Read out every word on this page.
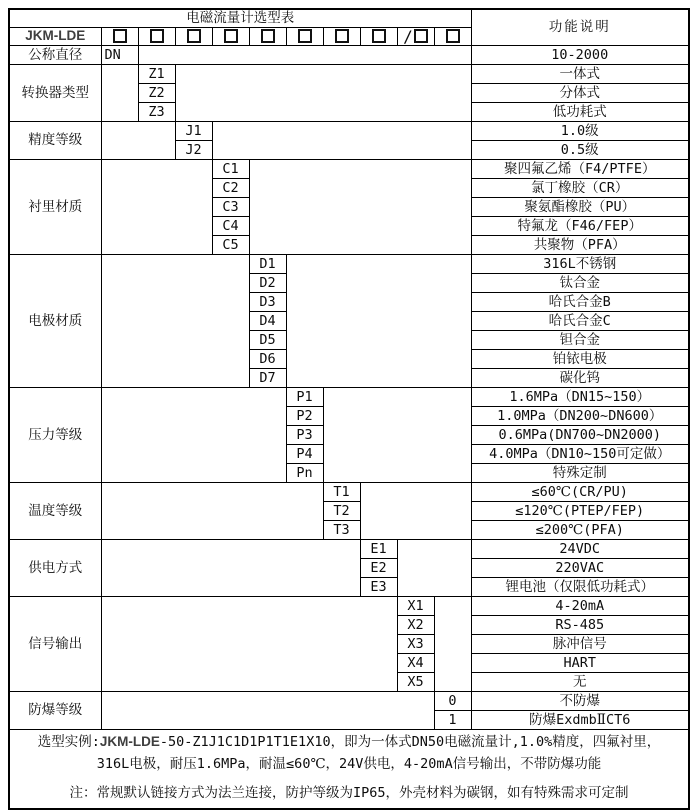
电磁流量计选型表											功能说明
JKM-LDE									/		
公称直径	DN										10-2000
转换器类型		Z1									一体式
		Z2									分体式
		Z3									低功耗式
精度等级			J1								1.0级
			J2								0.5级
衬里材质				C1							聚四氟乙烯（F4/PTFE）
				C2							氯丁橡胶（CR）
				C3							聚氨酯橡胶（PU）
				C4							特氟龙（F46/FEP）
				C5							共聚物（PFA）
电极材质					D1						316L不锈钢
					D2						钛合金
					D3						哈氏合金B
					D4						哈氏合金C
					D5						钽合金
					D6						铂铱电极
					D7						碳化钨
压力等级						P1					1.6MPa（DN15~150）
						P2					1.0MPa（DN200~DN600）
						P3					0.6MPa(DN700~DN2000)
						P4					4.0MPa（DN10~150可定做）
						Pn					特殊定制
温度等级							T1				≤60℃(CR/PU)
							T2				≤120℃(PTEP/FEP)
							T3				≤200℃(PFA)
供电方式								E1			24VDC
								E2			220VAC
								E3			锂电池（仅限低功耗式）
信号输出									X1		4-20mA
									X2		RS-485
									X3		脉冲信号
									X4		HART
									X5		无
防爆等级										0	不防爆
										1	防爆ExdmbⅡCT6

选型实例:JKM-LDE-50-Z1J1C1D1P1T1E1X10，即为一体式DN50电磁流量计,1.0%精度，四氟衬里，
316L电极，耐压1.6MPa，耐温≤60℃，24V供电，4-20mA信号输出，不带防爆功能
注：常规默认链接方式为法兰连接，防护等级为IP65，外壳材料为碳钢，如有特殊需求可定制											
